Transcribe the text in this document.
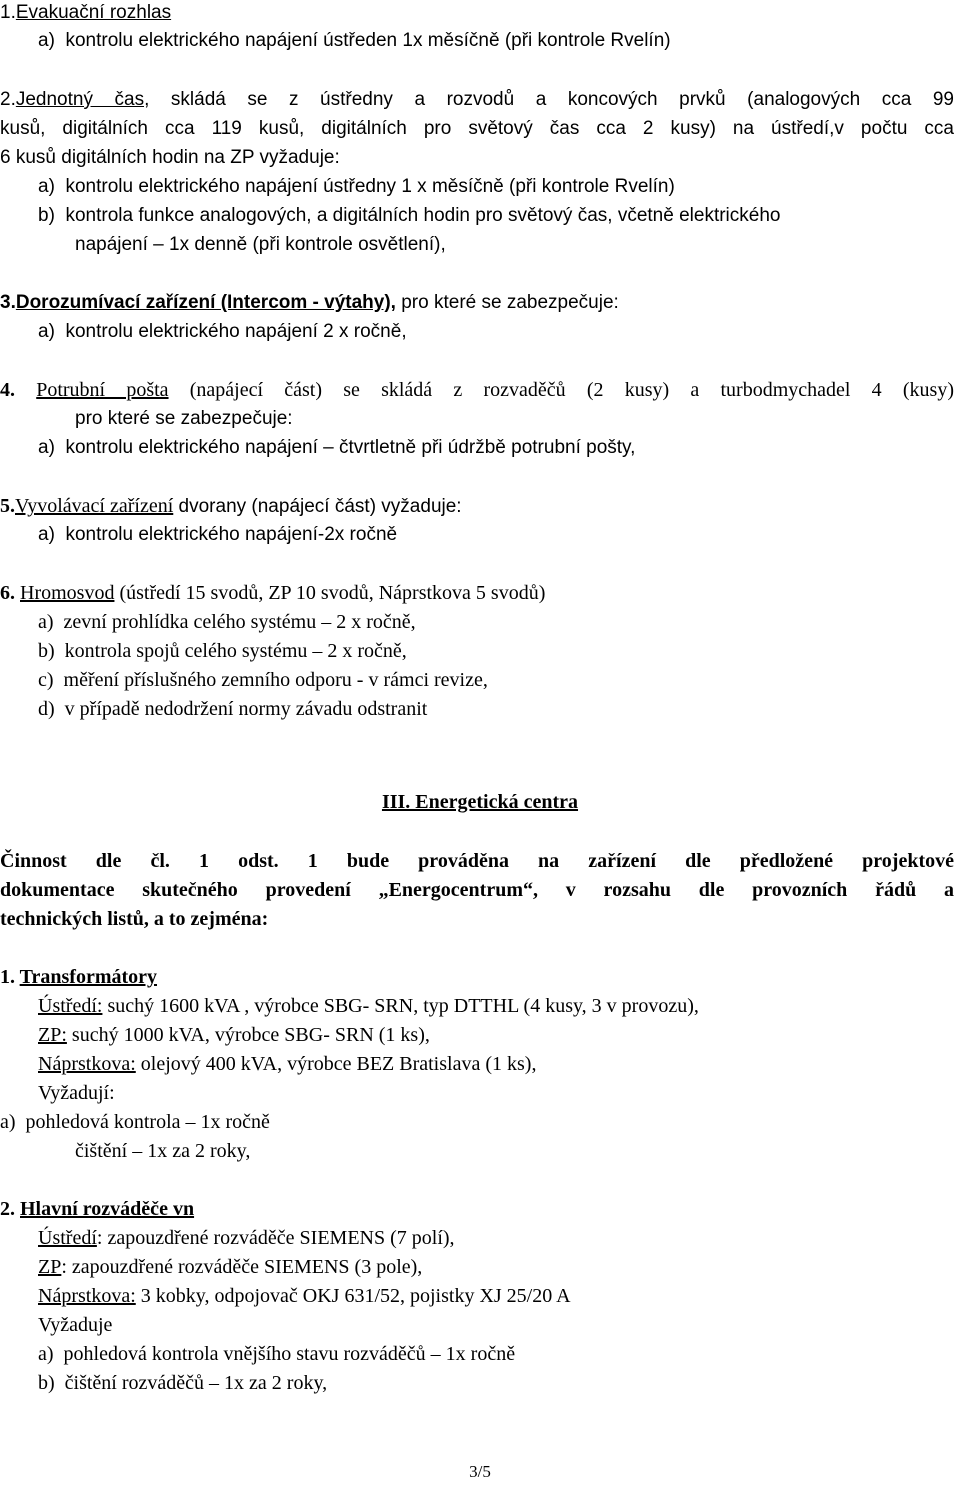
1.Evakuační rozhlas
a)  kontrolu elektrického napájení ústředen 1x měsíčně (při kontrole Rvelín)
2.Jednotný čas, skládá se z ústředny a rozvodů a koncových prvků (analogových cca 99
kusů, digitálních cca 119 kusů, digitálních pro světový čas cca 2 kusy) na ústředí,v počtu cca
6 kusů digitálních hodin na ZP vyžaduje:
a)  kontrolu elektrického napájení ústředny 1 x měsíčně (při kontrole Rvelín)
b)  kontrola funkce analogových, a digitálních hodin pro světový čas, včetně elektrického
napájení – 1x denně (při kontrole osvětlení),
3.Dorozumívací zařízení (Intercom - výtahy), pro které se zabezpečuje:
a)  kontrolu elektrického napájení 2 x ročně,
4. Potrubní pošta (napájecí část) se skládá z rozvaděčů (2 kusy) a turbodmychadel 4 (kusy)
pro které se zabezpečuje:
a)  kontrolu elektrického napájení – čtvrtletně při údržbě potrubní pošty,
5.Vyvolávací zařízení dvorany (napájecí část) vyžaduje:
a)  kontrolu elektrického napájení-2x ročně
6. Hromosvod (ústředí 15 svodů, ZP 10 svodů, Náprstkova 5 svodů)
a)  zevní prohlídka celého systému – 2 x ročně,
b)  kontrola spojů celého systému – 2 x ročně,
c)  měření příslušného zemního odporu - v rámci revize,
d)  v případě nedodržení normy závadu odstranit
III. Energetická centra
Činnost dle čl. 1 odst. 1 bude prováděna na zařízení dle předložené projektové
dokumentace skutečného provedení „Energocentrum“, v rozsahu dle provozních řádů a
technických listů, a to zejména:
1. Transformátory
Ústředí: suchý 1600 kVA , výrobce SBG- SRN, typ DTTHL (4 kusy, 3 v provozu),
ZP: suchý 1000 kVA, výrobce SBG- SRN (1 ks),
Náprstkova: olejový 400 kVA, výrobce BEZ Bratislava (1 ks),
Vyžadují:
a)  pohledová kontrola – 1x ročně
čištění – 1x za 2 roky,
2. Hlavní rozváděče vn
Ústředí: zapouzdřené rozváděče SIEMENS (7 polí),
ZP: zapouzdřené rozváděče SIEMENS (3 pole),
Náprstkova: 3 kobky, odpojovač OKJ 631/52, pojistky XJ 25/20 A
Vyžaduje
a)  pohledová kontrola vnějšího stavu rozváděčů – 1x ročně
b)  čištění rozváděčů – 1x za 2 roky,
3/5
